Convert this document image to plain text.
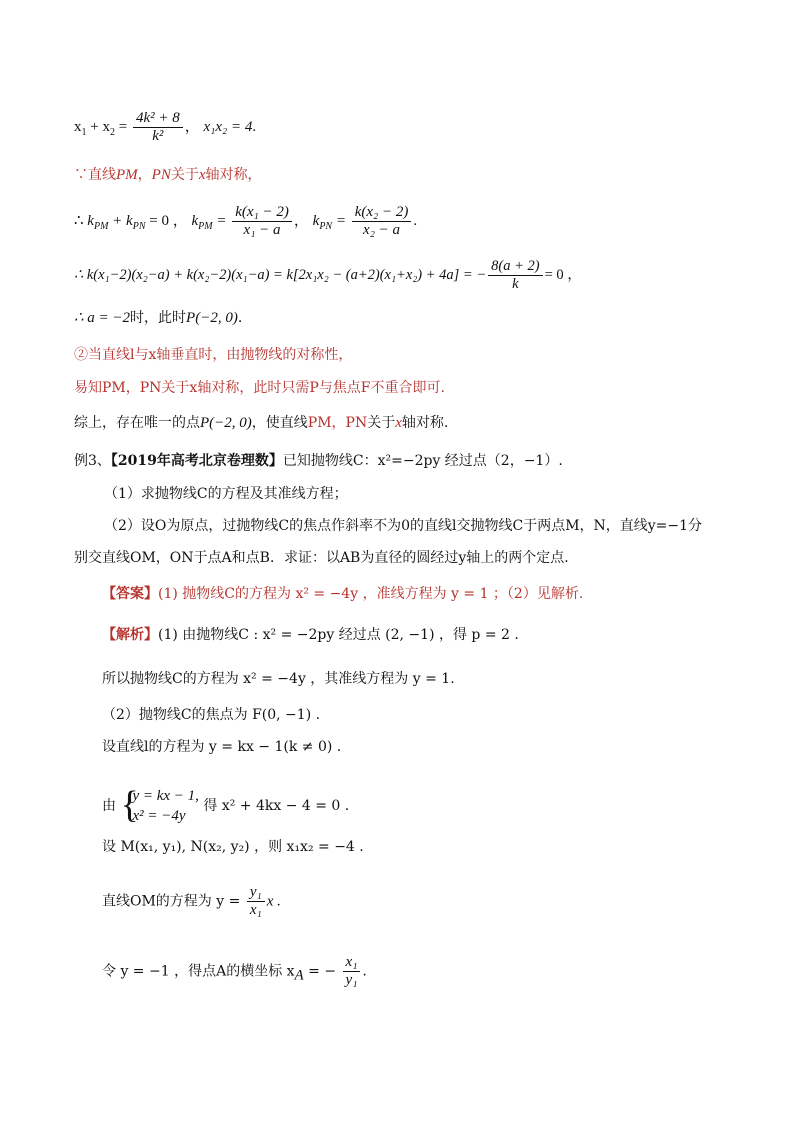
$x_1 + x_2 = \frac{\text{4k² + 8}}{\text{k²}}$ ， x₁x₂ = 4.
∵直线PM，PN关于x轴对称，
∴ $k_{PM} + k_{PN} = 0$ ， $k_{PM} = \frac{\text{k(x₁ − 2)}}{\text{x₁ − a}}$ ， $k_{PN} = \frac{\text{k(x₂ − 2)}}{\text{x₂ − a}}$ .
∴ k(x₁−2)(x₂−a) + k(x₂−2)(x₁−a) = k[2x₁x₂ − (a+2)(x₁+x₂) + 4a] = − $\frac{8(a + 2)}{k} = 0$ ，
∴ a = −2时，此时P(−2, 0).
②当直线l与x轴垂直时，由抛物线的对称性，
易知PM，PN关于x轴对称，此时只需P与焦点F不重合即可.
综上，存在唯一的点P(−2, 0)，使直线PM，PN关于x轴对称.
例3、【2019年高考北京卷理数】已知抛物线C：x²=−2py 经过点（2，−1）.
（1）求抛物线C的方程及其准线方程；
（2）设O为原点，过抛物线C的焦点作斜率不为0的直线l交抛物线C于两点M，N，直线y=−1分
别交直线OM，ON于点A和点B．求证：以AB为直径的圆经过y轴上的两个定点．
【答案】(1) 抛物线C的方程为 x² = −4y ，准线方程为 y = 1 ；（2）见解析.
【解析】(1) 由抛物线C : x² = −2py 经过点 (2, −1) ，得 p = 2 .
所以抛物线C的方程为 x² = −4y ，其准线方程为 y = 1.
（2）抛物线C的焦点为 F(0, −1) .
设直线l的方程为 y = kx − 1(k ≠ 0) .
由 {
y = kx − 1,
x² = −4y
得 x² + 4kx − 4 = 0 .
设 M(x₁, y₁), N(x₂, y₂) ，则 x₁x₂ = −4 .
直线OM的方程为 $y = \frac{\text{y₁}}{\text{x₁}}$ x .
令 y = −1 ，得点A的横坐标 $x_A$ = − $\frac{\text{x₁}}{\text{y₁}}$ .
